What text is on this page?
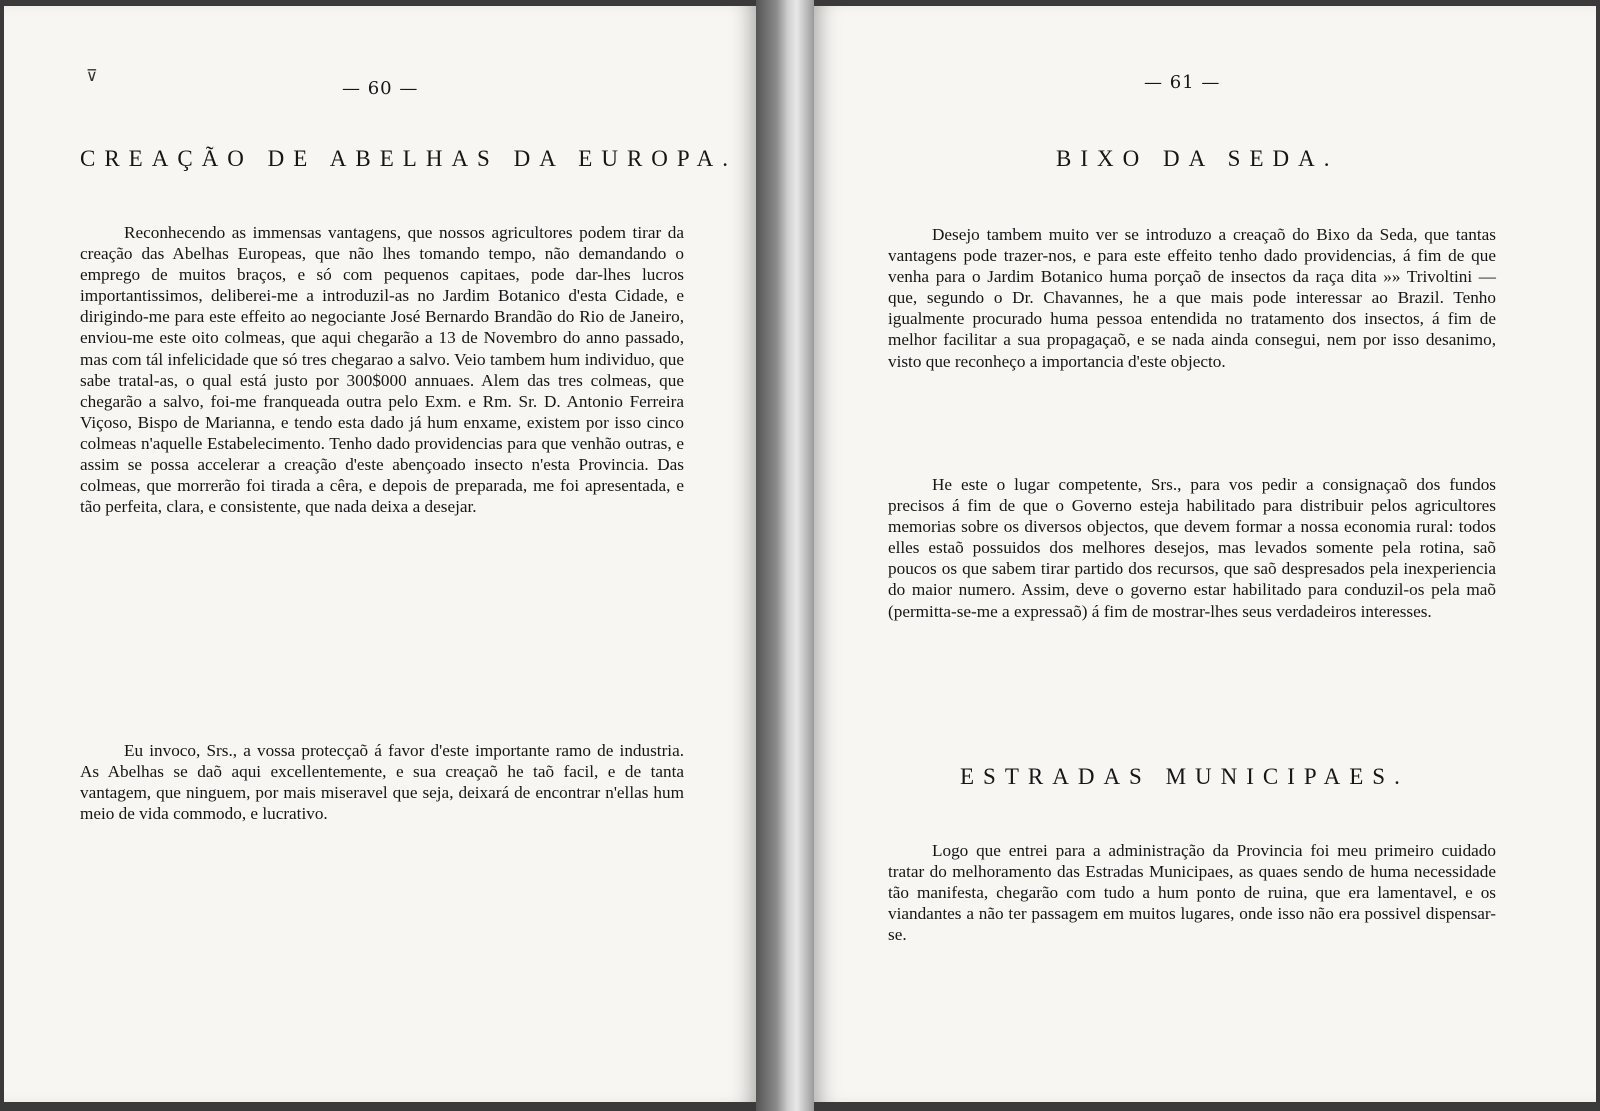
⊽
— 60 —
CREAÇÃO DE ABELHAS DA EUROPA.

Reconhecendo as immensas vantagens, que nossos agricultores podem tirar da creação das Abelhas Europeas, que não lhes tomando tempo, não demandando o emprego de muitos braços, e só com pequenos capitaes, pode dar-lhes lucros importantissimos, deliberei-me a introduzil-as no Jardim Botanico d'esta Cidade, e dirigindo-me para este effeito ao negociante José Bernardo Brandão do Rio de Janeiro, enviou-me este oito colmeas, que aqui chegarão a 13 de Novembro do anno passado, mas com tál infelicidade que só tres chegarao a salvo. Veio tambem hum individuo, que sabe tratal-as, o qual está justo por 300$000 annuaes. Alem das tres colmeas, que chegarão a salvo, foi-me franqueada outra pelo Exm. e Rm. Sr. D. Antonio Ferreira Viçoso, Bispo de Marianna, e tendo esta dado já hum enxame, existem por isso cinco colmeas n'aquelle Estabelecimento. Tenho dado providencias para que venhão outras, e assim se possa accelerar a creação d'este abençoado insecto n'esta Provincia. Das colmeas, que morrerão foi tirada a cêra, e depois de preparada, me foi apresentada, e tão perfeita, clara, e consistente, que nada deixa a desejar.

Eu invoco, Srs., a vossa protecçaõ á favor d'este importante ramo de industria. As Abelhas se daõ aqui excellentemente, e sua creaçaõ he taõ facil, e de tanta vantagem, que ninguem, por mais miseravel que seja, deixará de encontrar n'ellas hum meio de vida commodo, e lucrativo.

— 61 —
BIXO DA SEDA.

Desejo tambem muito ver se introduzo a creaçaõ do Bixo da Seda, que tantas vantagens pode trazer-nos, e para este effeito tenho dado providencias, á fim de que venha para o Jardim Botanico huma porçaõ de insectos da raça dita »» Trivoltini — que, segundo o Dr. Chavannes, he a que mais pode interessar ao Brazil. Tenho igualmente procurado huma pessoa entendida no tratamento dos insectos, á fim de melhor facilitar a sua propagaçaõ, e se nada ainda consegui, nem por isso desanimo, visto que reconheço a importancia d'este objecto.

He este o lugar competente, Srs., para vos pedir a consignaçaõ dos fundos precisos á fim de que o Governo esteja habilitado para distribuir pelos agricultores memorias sobre os diversos objectos, que devem formar a nossa economia rural: todos elles estaõ possuidos dos melhores desejos, mas levados somente pela rotina, saõ poucos os que sabem tirar partido dos recursos, que saõ despresados pela inexperiencia do maior numero. Assim, deve o governo estar habilitado para conduzil-os pela maõ (permitta-se-me a expressaõ) á fim de mostrar-lhes seus verdadeiros interesses.

ESTRADAS MUNICIPAES.

Logo que entrei para a administração da Provincia foi meu primeiro cuidado tratar do melhoramento das Estradas Municipaes, as quaes sendo de huma necessidade tão manifesta, chegarão com tudo a hum ponto de ruina, que era lamentavel, e os viandantes a não ter passagem em muitos lugares, onde isso não era possivel dispensar-se.
